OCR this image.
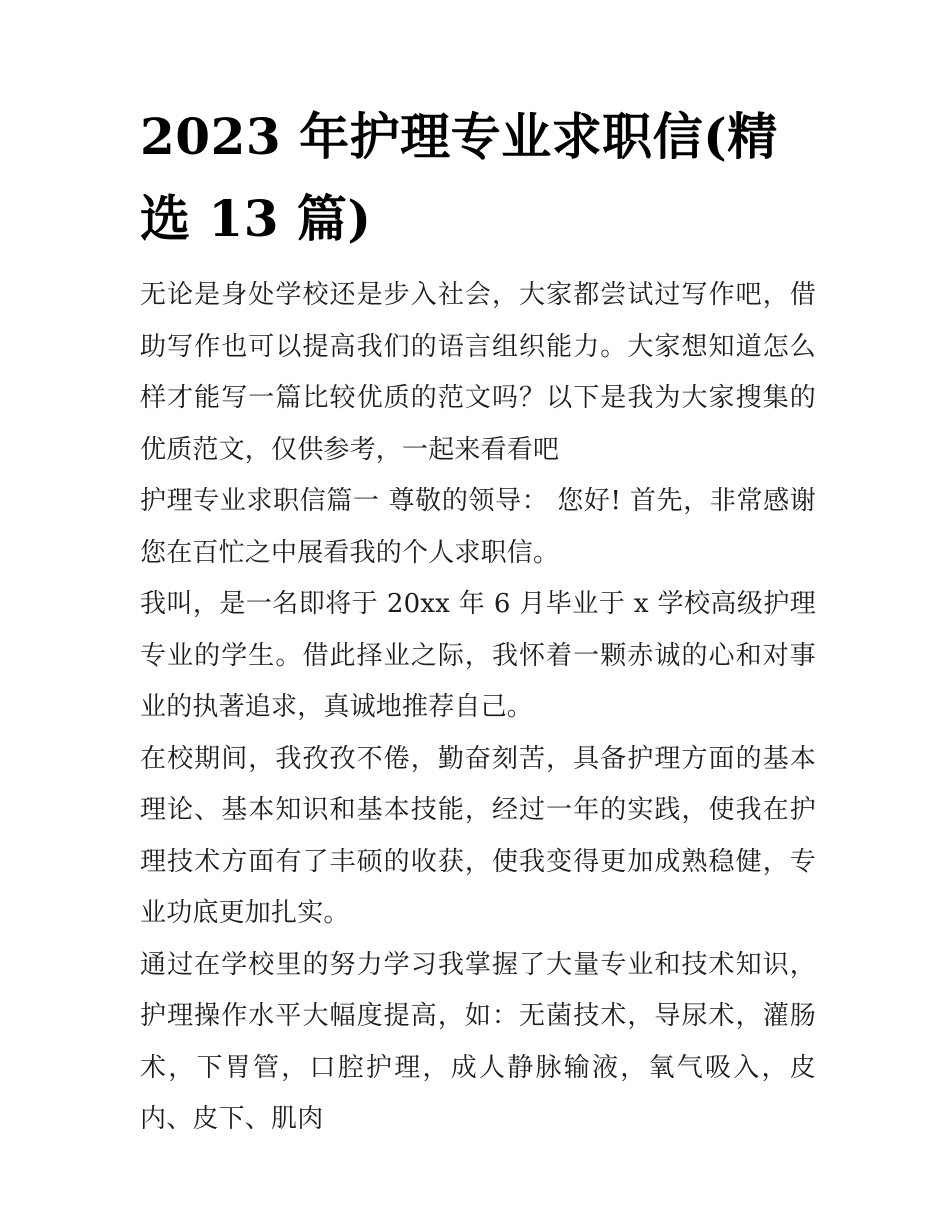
2023 年护理专业求职信(精选 13 篇)

无论是身处学校还是步入社会，大家都尝试过写作吧，借助写作也可以提高我们的语言组织能力。大家想知道怎么样才能写一篇比较优质的范文吗？以下是我为大家搜集的优质范文，仅供参考，一起来看看吧

护理专业求职信篇一 尊敬的领导： 您好! 首先，非常感谢您在百忙之中展看我的个人求职信。

我叫，是一名即将于 20xx 年 6 月毕业于 x 学校高级护理专业的学生。借此择业之际，我怀着一颗赤诚的心和对事业的执著追求，真诚地推荐自己。

在校期间，我孜孜不倦，勤奋刻苦，具备护理方面的基本理论、基本知识和基本技能，经过一年的实践，使我在护理技术方面有了丰硕的收获，使我变得更加成熟稳健，专业功底更加扎实。

通过在学校里的努力学习我掌握了大量专业和技术知识，护理操作水平大幅度提高，如：无菌技术，导尿术，灌肠术，下胃管，口腔护理，成人静脉输液，氧气吸入，皮内、皮下、肌肉
